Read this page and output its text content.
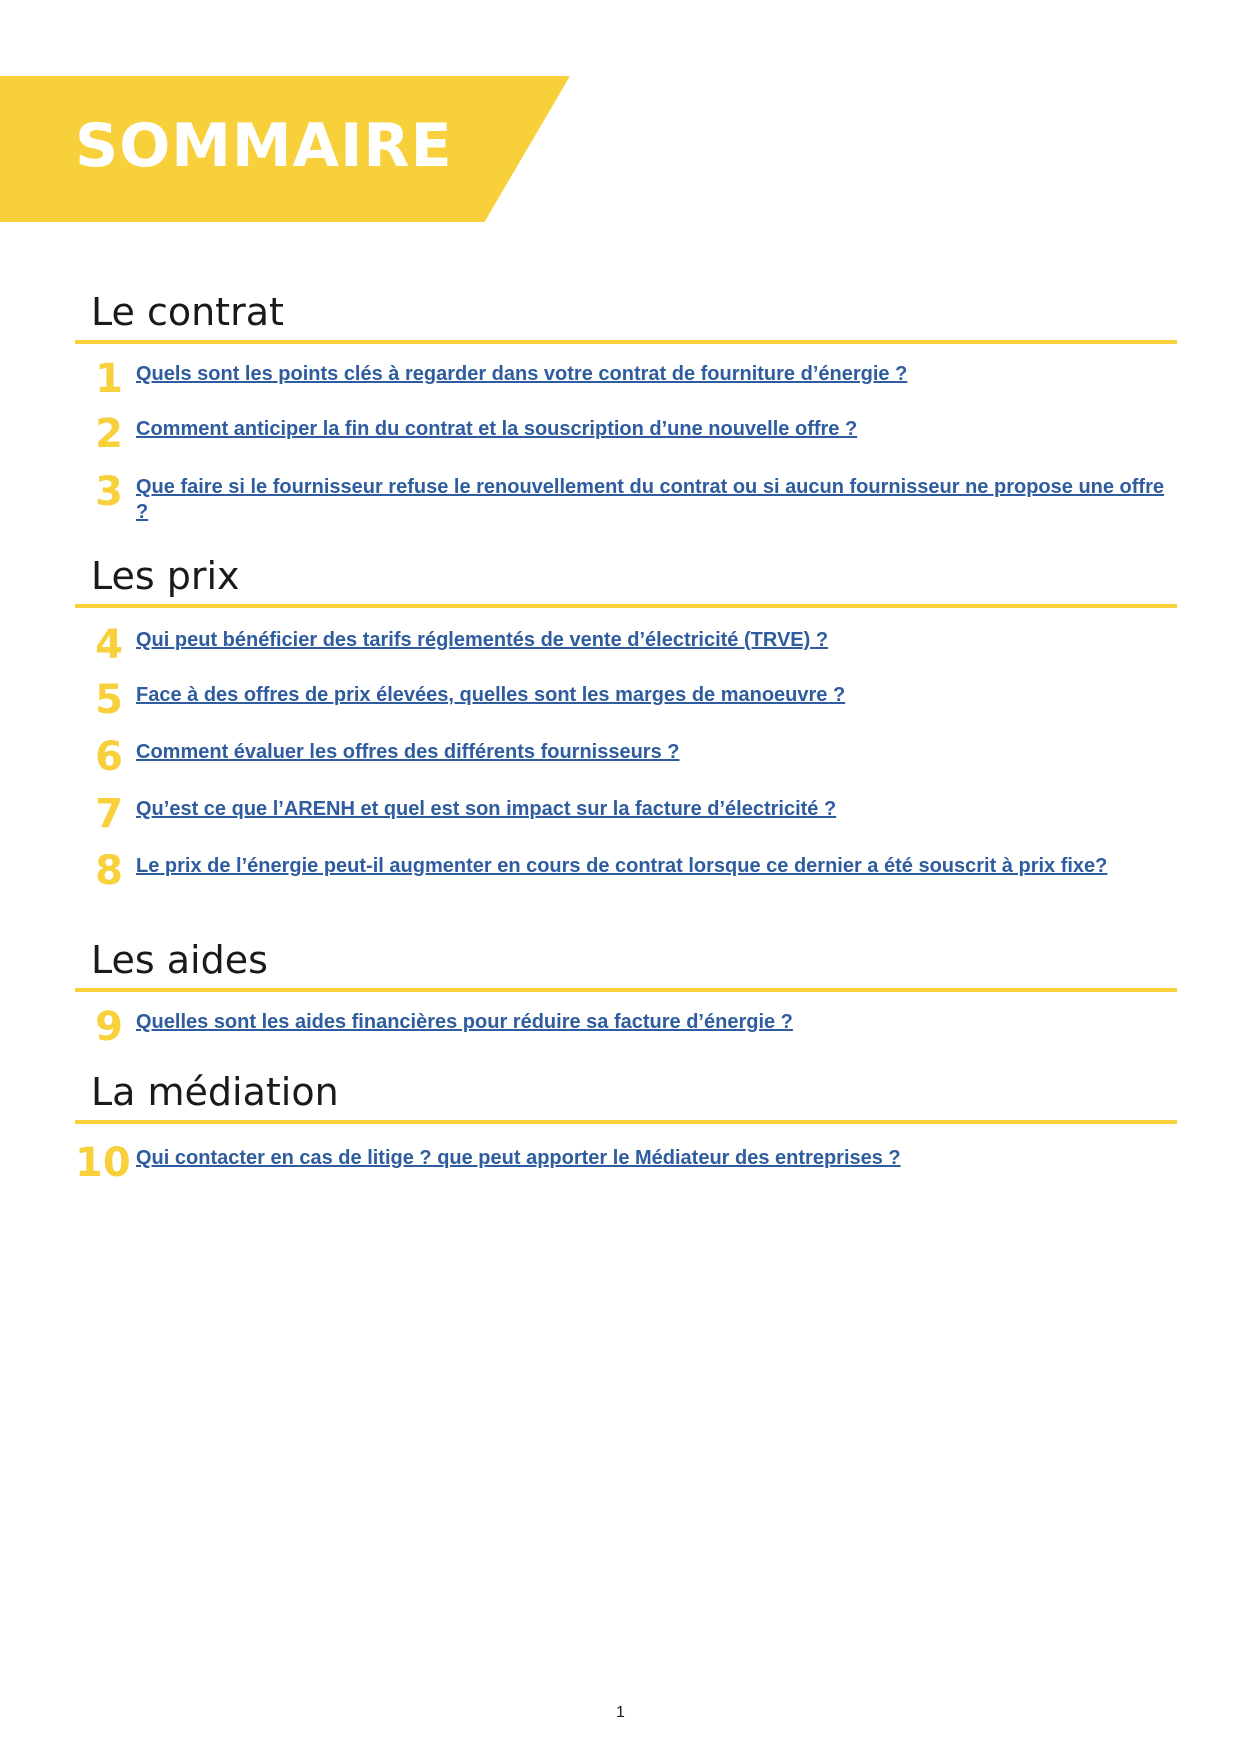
SOMMAIRE
Le contrat
1 Quels sont les points clés à regarder dans votre contrat de fourniture d’énergie ?
2 Comment anticiper la fin du contrat et la souscription d’une nouvelle offre ?
3 Que faire si le fournisseur refuse le renouvellement du contrat ou si aucun fournisseur ne propose une offre ?
Les prix
4 Qui peut bénéficier des tarifs réglementés de vente d’électricité (TRVE) ?
5 Face à des offres de prix élevées, quelles sont les marges de manoeuvre ?
6 Comment évaluer les offres des différents fournisseurs ?
7 Qu’est ce que l’ARENH et quel est son impact sur la facture d’électricité ?
8 Le prix de l’énergie peut-il augmenter en cours de contrat lorsque ce dernier a été souscrit à prix fixe?
Les aides
9 Quelles sont les aides financières pour réduire sa facture d’énergie ?
La médiation
10 Qui contacter en cas de litige ? que peut apporter le Médiateur des entreprises ?
1
